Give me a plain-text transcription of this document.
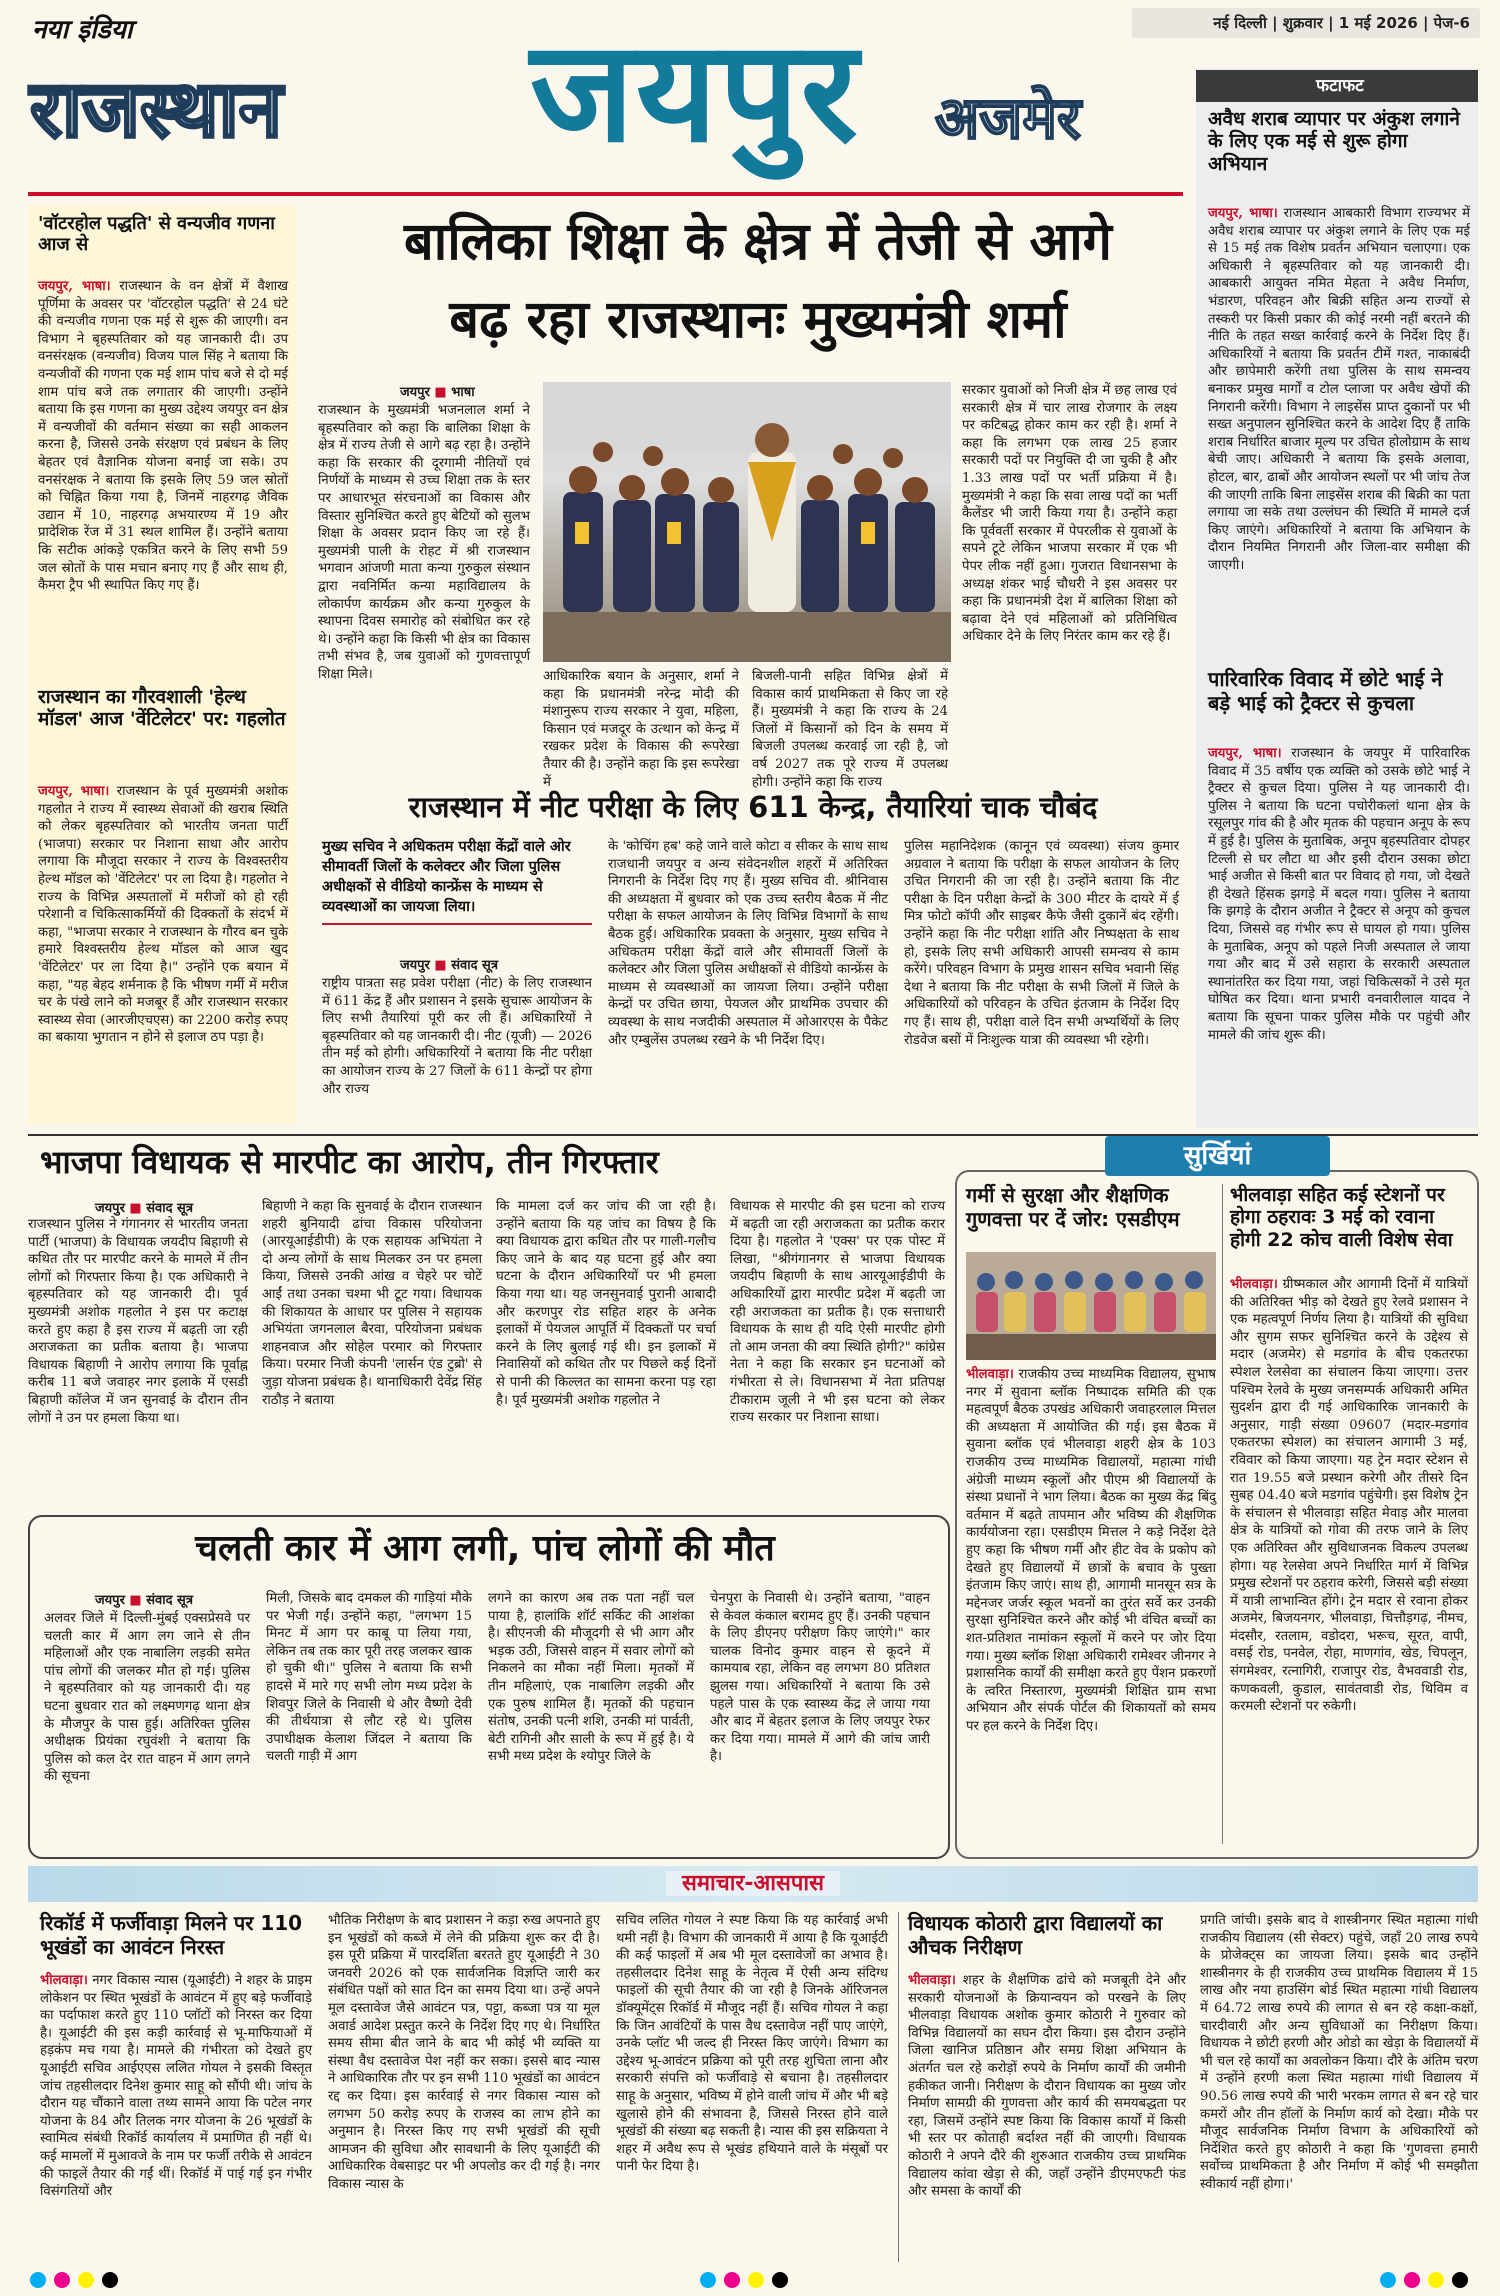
नया इंडिया	नई दिल्ली | शुक्रवार | 1 मई 2026 | पेज-6
राजस्थान जयपुर अजमेर	फटाफट
अवैध शराब व्यापार पर अंकुश लगाने के लिए एक मई से शुरू होगा अभियान
जयपुर, भाषा। राजस्थान आबकारी विभाग राज्यभर में अवैध शराब व्यापार पर अंकुश लगाने के लिए एक मई से 15 मई तक विशेष प्रवर्तन अभियान चलाएगा। एक अधिकारी ने बृहस्पतिवार को यह जानकारी दी। आबकारी आयुक्त नमित मेहता ने अवैध निर्माण, भंडारण, परिवहन और बिक्री सहित अन्य राज्यों से तस्करी पर किसी प्रकार की कोई नरमी नहीं बरतने की नीति के तहत सख्त कार्रवाई करने के निर्देश दिए हैं। अधिकारियों ने बताया कि प्रवर्तन टीमें गश्त, नाकाबंदी और छापेमारी करेंगी तथा पुलिस के साथ समन्वय बनाकर प्रमुख मार्गों व टोल प्लाजा पर अवैध खेपों की निगरानी करेंगी। विभाग ने लाइसेंस प्राप्त दुकानों पर भी सख्त अनुपालन सुनिश्चित करने के आदेश दिए हैं ताकि शराब निर्धारित बाजार मूल्य पर उचित होलोग्राम के साथ बेची जाए। अधिकारी ने बताया कि इसके अलावा, होटल, बार, ढाबों और आयोजन स्थलों पर भी जांच तेज की जाएगी ताकि बिना लाइसेंस शराब की बिक्री का पता लगाया जा सके तथा उल्लंघन की स्थिति में मामले दर्ज किए जाएंगे। अधिकारियों ने बताया कि अभियान के दौरान नियमित निगरानी और जिला-वार समीक्षा की जाएगी।
पारिवारिक विवाद में छोटे भाई ने बड़े भाई को ट्रैक्टर से कुचला
जयपुर, भाषा। राजस्थान के जयपुर में पारिवारिक विवाद में 35 वर्षीय एक व्यक्ति को उसके छोटे भाई ने ट्रैक्टर से कुचल दिया। पुलिस ने यह जानकारी दी। पुलिस ने बताया कि घटना पचोरीकलां थाना क्षेत्र के रसूलपुर गांव की है और मृतक की पहचान अनूप के रूप में हुई है। पुलिस के मुताबिक, अनूप बृहस्पतिवार दोपहर टिल्ली से घर लौटा था और इसी दौरान उसका छोटा भाई अजीत से किसी बात पर विवाद हो गया, जो देखते ही देखते हिंसक झगड़े में बदल गया। पुलिस ने बताया कि झगड़े के दौरान अजीत ने ट्रैक्टर से अनूप को कुचल दिया, जिससे वह गंभीर रूप से घायल हो गया। पुलिस के मुताबिक, अनूप को पहले निजी अस्पताल ले जाया गया और बाद में उसे सहारा के सरकारी अस्पताल स्थानांतरित कर दिया गया, जहां चिकित्सकों ने उसे मृत घोषित कर दिया। थाना प्रभारी वनवारीलाल यादव ने बताया कि सूचना पाकर पुलिस मौके पर पहुंची और मामले की जांच शुरू की।
'वॉटरहोल पद्धति' से वन्यजीव गणना आज से
जयपुर, भाषा। राजस्थान के वन क्षेत्रों में वैशाख पूर्णिमा के अवसर पर 'वॉटरहोल पद्धति' से 24 घंटे की वन्यजीव गणना एक मई से शुरू की जाएगी। वन विभाग ने बृहस्पतिवार को यह जानकारी दी। उप वनसंरक्षक (वन्यजीव) विजय पाल सिंह ने बताया कि वन्यजीवों की गणना एक मई शाम पांच बजे से दो मई शाम पांच बजे तक लगातार की जाएगी। उन्होंने बताया कि इस गणना का मुख्य उद्देश्य जयपुर वन क्षेत्र में वन्यजीवों की वर्तमान संख्या का सही आकलन करना है, जिससे उनके संरक्षण एवं प्रबंधन के लिए बेहतर एवं वैज्ञानिक योजना बनाई जा सके। उप वनसंरक्षक ने बताया कि इसके लिए 59 जल स्रोतों को चिह्नित किया गया है, जिनमें नाहरगढ़ जैविक उद्यान में 10, नाहरगढ़ अभयारण्य में 19 और प्रादेशिक रेंज में 31 स्थल शामिल हैं। उन्होंने बताया कि सटीक आंकड़े एकत्रित करने के लिए सभी 59 जल स्रोतों के पास मचान बनाए गए हैं और साथ ही, कैमरा ट्रैप भी स्थापित किए गए हैं।
राजस्थान का गौरवशाली 'हेल्थ मॉडल' आज 'वेंटिलेटर' पर: गहलोत
जयपुर, भाषा। राजस्थान के पूर्व मुख्यमंत्री अशोक गहलोत ने राज्य में स्वास्थ्य सेवाओं की खराब स्थिति को लेकर बृहस्पतिवार को भारतीय जनता पार्टी (भाजपा) सरकार पर निशाना साधा और आरोप लगाया कि मौजूदा सरकार ने राज्य के विश्वस्तरीय हेल्थ मॉडल को 'वेंटिलेटर' पर ला दिया है। गहलोत ने राज्य के विभिन्न अस्पतालों में मरीजों को हो रही परेशानी व चिकित्साकर्मियों की दिक्कतों के संदर्भ में कहा, "भाजपा सरकार ने राजस्थान के गौरव बन चुके हमारे विश्वस्तरीय हेल्थ मॉडल को आज खुद 'वेंटिलेटर' पर ला दिया है।" उन्होंने एक बयान में कहा, "यह बेहद शर्मनाक है कि भीषण गर्मी में मरीज चर के पंखे लाने को मजबूर हैं और राजस्थान सरकार स्वास्थ्य सेवा (आरजीएचएस) का 2200 करोड़ रुपए का बकाया भुगतान न होने से इलाज ठप पड़ा है।
बालिका शिक्षा के क्षेत्र में तेजी से आगे
बढ़ रहा राजस्थानः मुख्यमंत्री शर्मा
जयपुर ■ भाषा
राजस्थान के मुख्यमंत्री भजनलाल शर्मा ने बृहस्पतिवार को कहा कि बालिका शिक्षा के क्षेत्र में राज्य तेजी से आगे बढ़ रहा है। उन्होंने कहा कि सरकार की दूरगामी नीतियों एवं निर्णयों के माध्यम से उच्च शिक्षा तक के स्तर पर आधारभूत संरचनाओं का विकास और विस्तार सुनिश्चित करते हुए बेटियों को सुलभ शिक्षा के अवसर प्रदान किए जा रहे हैं। मुख्यमंत्री पाली के रोहट में श्री राजस्थान भगवान आंजणी माता कन्या गुरुकुल संस्थान द्वारा नवनिर्मित कन्या महाविद्यालय के लोकार्पण कार्यक्रम और कन्या गुरुकुल के स्थापना दिवस समारोह को संबोधित कर रहे थे। उन्होंने कहा कि किसी भी क्षेत्र का विकास तभी संभव है, जब युवाओं को गुणवत्तापूर्ण शिक्षा मिले।	आधिकारिक बयान के अनुसार, शर्मा ने कहा कि प्रधानमंत्री नरेन्द्र मोदी की मंशानुरूप राज्य सरकार ने युवा, महिला, किसान एवं मजदूर के उत्थान को केन्द्र में रखकर प्रदेश के विकास की रूपरेखा तैयार की है। उन्होंने कहा कि इस रूपरेखा में
बिजली-पानी सहित विभिन्न क्षेत्रों में विकास कार्य प्राथमिकता से किए जा रहे हैं। मुख्यमंत्री ने कहा कि राज्य के 24 जिलों में किसानों को दिन के समय में बिजली उपलब्ध करवाई जा रही है, जो वर्ष 2027 तक पूरे राज्य में उपलब्ध होगी। उन्होंने कहा कि राज्य
सरकार युवाओं को निजी क्षेत्र में छह लाख एवं सरकारी क्षेत्र में चार लाख रोजगार के लक्ष्य पर कटिबद्ध होकर काम कर रही है। शर्मा ने कहा कि लगभग एक लाख 25 हजार सरकारी पदों पर नियुक्ति दी जा चुकी है और 1.33 लाख पदों पर भर्ती प्रक्रिया में है। मुख्यमंत्री ने कहा कि सवा लाख पदों का भर्ती कैलेंडर भी जारी किया गया है। उन्होंने कहा कि पूर्ववर्ती सरकार में पेपरलीक से युवाओं के सपने टूटे लेकिन भाजपा सरकार में एक भी पेपर लीक नहीं हुआ। गुजरात विधानसभा के अध्यक्ष शंकर भाई चौधरी ने इस अवसर पर कहा कि प्रधानमंत्री देश में बालिका शिक्षा को बढ़ावा देने एवं महिलाओं को प्रतिनिधित्व अधिकार देने के लिए निरंतर काम कर रहे हैं।
राजस्थान में नीट परीक्षा के लिए 611 केन्द्र, तैयारियां चाक चौबंद
मुख्य सचिव ने अधिकतम परीक्षा केंद्रों वाले ओर सीमावर्ती जिलों के कलेक्टर और जिला पुलिस अधीक्षकों से वीडियो कान्फ्रेंस के माध्यम से व्यवस्थाओं का जायजा लिया।
जयपुर ■ संवाद सूत्र
राष्ट्रीय पात्रता सह प्रवेश परीक्षा (नीट) के लिए राजस्थान में 611 केंद्र हैं और प्रशासन ने इसके सुचारू आयोजन के लिए सभी तैयारियां पूरी कर ली हैं। अधिकारियों ने बृहस्पतिवार को यह जानकारी दी। नीट (यूजी) — 2026 तीन मई को होगी। अधिकारियों ने बताया कि नीट परीक्षा का आयोजन राज्य के 27 जिलों के 611 केन्द्रों पर होगा और राज्य
के 'कोचिंग हब' कहे जाने वाले कोटा व सीकर के साथ साथ राजधानी जयपुर व अन्य संवेदनशील शहरों में अतिरिक्त निगरानी के निर्देश दिए गए हैं। मुख्य सचिव वी. श्रीनिवास की अध्यक्षता में बुधवार को एक उच्च स्तरीय बैठक में नीट परीक्षा के सफल आयोजन के लिए विभिन्न विभागों के साथ बैठक हुई। अधिकारिक प्रवक्ता के अनुसार, मुख्य सचिव ने अधिकतम परीक्षा केंद्रों वाले और सीमावर्ती जिलों के कलेक्टर और जिला पुलिस अधीक्षकों से वीडियो कान्फ्रेंस के माध्यम से व्यवस्थाओं का जायजा लिया। उन्होंने परीक्षा केन्द्रों पर उचित छाया, पेयजल और प्राथमिक उपचार की व्यवस्था के साथ नजदीकी अस्पताल में ओआरएस के पैकेट और एम्बुलेंस उपलब्ध रखने के भी निर्देश दिए।
पुलिस महानिदेशक (कानून एवं व्यवस्था) संजय कुमार अग्रवाल ने बताया कि परीक्षा के सफल आयोजन के लिए उचित निगरानी की जा रही है। उन्होंने बताया कि नीट परीक्षा के दिन परीक्षा केन्द्रों के 300 मीटर के दायरे में ई मित्र फोटो कॉपी और साइबर कैफे जैसी दुकानें बंद रहेंगी। उन्होंने कहा कि नीट परीक्षा शांति और निष्पक्षता के साथ हो, इसके लिए सभी अधिकारी आपसी समन्वय से काम करेंगे। परिवहन विभाग के प्रमुख शासन सचिव भवानी सिंह देथा ने बताया कि नीट परीक्षा के सभी जिलों में जिले के अधिकारियों को परिवहन के उचित इंतजाम के निर्देश दिए गए हैं। साथ ही, परीक्षा वाले दिन सभी अभ्यर्थियों के लिए रोडवेज बसों में निःशुल्क यात्रा की व्यवस्था भी रहेगी।
भाजपा विधायक से मारपीट का आरोप, तीन गिरफ्तार
जयपुर ■ संवाद सूत्र
राजस्थान पुलिस ने गंगानगर से भारतीय जनता पार्टी (भाजपा) के विधायक जयदीप बिहाणी से कथित तौर पर मारपीट करने के मामले में तीन लोगों को गिरफ्तार किया है। एक अधिकारी ने बृहस्पतिवार को यह जानकारी दी। पूर्व मुख्यमंत्री अशोक गहलोत ने इस पर कटाक्ष करते हुए कहा है इस राज्य में बढ़ती जा रही अराजकता का प्रतीक बताया है। भाजपा विधायक बिहाणी ने आरोप लगाया कि पूर्वाह्न करीब 11 बजे जवाहर नगर इलाके में एसडी बिहाणी कॉलेज में जन सुनवाई के दौरान तीन लोगों ने उन पर हमला किया था।
बिहाणी ने कहा कि सुनवाई के दौरान राजस्थान शहरी बुनियादी ढांचा विकास परियोजना (आरयूआईडीपी) के एक सहायक अभियंता ने दो अन्य लोगों के साथ मिलकर उन पर हमला किया, जिससे उनकी आंख व चेहरे पर चोटें आईं तथा उनका चश्मा भी टूट गया। विधायक की शिकायत के आधार पर पुलिस ने सहायक अभियंता जगनलाल बैरवा, परियोजना प्रबंधक शाहनवाज और सोहेल परमार को गिरफ्तार किया। परमार निजी कंपनी 'लार्सन एंड टुब्रो' से जुड़ा योजना प्रबंधक है। थानाधिकारी देवेंद्र सिंह राठौड़ ने बताया
कि मामला दर्ज कर जांच की जा रही है। उन्होंने बताया कि यह जांच का विषय है कि क्या विधायक द्वारा कथित तौर पर गाली-गलौच किए जाने के बाद यह घटना हुई और क्या घटना के दौरान अधिकारियों पर भी हमला किया गया था। यह जनसुनवाई पुरानी आबादी और करणपुर रोड सहित शहर के अनेक इलाकों में पेयजल आपूर्ति में दिक्कतों पर चर्चा करने के लिए बुलाई गई थी। इन इलाकों में निवासियों को कथित तौर पर पिछले कई दिनों से पानी की किल्लत का सामना करना पड़ रहा है। पूर्व मुख्यमंत्री अशोक गहलोत ने
विधायक से मारपीट की इस घटना को राज्य में बढ़ती जा रही अराजकता का प्रतीक करार दिया है। गहलोत ने 'एक्स' पर एक पोस्ट में लिखा, "श्रीगंगानगर से भाजपा विधायक जयदीप बिहाणी के साथ आरयूआईडीपी के अधिकारियों द्वारा मारपीट प्रदेश में बढ़ती जा रही अराजकता का प्रतीक है। एक सत्ताधारी विधायक के साथ ही यदि ऐसी मारपीट होगी तो आम जनता की क्या स्थिति होगी?" कांग्रेस नेता ने कहा कि सरकार इन घटनाओं को गंभीरता से ले। विधानसभा में नेता प्रतिपक्ष टीकाराम जूली ने भी इस घटना को लेकर राज्य सरकार पर निशाना साधा।
सुर्खियां
गर्मी से सुरक्षा और शैक्षणिक गुणवत्ता पर दें जोर: एसडीएम
भीलवाड़ा। राजकीय उच्च माध्यमिक विद्यालय, सुभाष नगर में सुवाना ब्लॉक निष्पादक समिति की एक महत्वपूर्ण बैठक उपखंड अधिकारी जवाहरलाल मित्तल की अध्यक्षता में आयोजित की गई। इस बैठक में सुवाना ब्लॉक एवं भीलवाड़ा शहरी क्षेत्र के 103 राजकीय उच्च माध्यमिक विद्यालयों, महात्मा गांधी अंग्रेजी माध्यम स्कूलों और पीएम श्री विद्यालयों के संस्था प्रधानों ने भाग लिया। बैठक का मुख्य केंद्र बिंदु वर्तमान में बढ़ते तापमान और भविष्य की शैक्षणिक कार्ययोजना रहा। एसडीएम मित्तल ने कड़े निर्देश देते हुए कहा कि भीषण गर्मी और हीट वेव के प्रकोप को देखते हुए विद्यालयों में छात्रों के बचाव के पुख्ता इंतजाम किए जाएं। साथ ही, आगामी मानसून सत्र के मद्देनजर जर्जर स्कूल भवनों का तुरंत सर्वे कर उनकी सुरक्षा सुनिश्चित करने और कोई भी वंचित बच्चों का शत-प्रतिशत नामांकन स्कूलों में करने पर जोर दिया गया। मुख्य ब्लॉक शिक्षा अधिकारी रामेश्वर जीनगर ने प्रशासनिक कार्यों की समीक्षा करते हुए पेंशन प्रकरणों के त्वरित निस्तारण, मुख्यमंत्री शिक्षित ग्राम सभा अभियान और संपर्क पोर्टल की शिकायतों को समय पर हल करने के निर्देश दिए।
भीलवाड़ा सहित कई स्टेशनों पर होगा ठहरावः 3 मई को रवाना होगी 22 कोच वाली विशेष सेवा
भीलवाड़ा। ग्रीष्मकाल और आगामी दिनों में यात्रियों की अतिरिक्त भीड़ को देखते हुए रेलवे प्रशासन ने एक महत्वपूर्ण निर्णय लिया है। यात्रियों की सुविधा और सुगम सफर सुनिश्चित करने के उद्देश्य से मदार (अजमेर) से मडगांव के बीच एकतरफा स्पेशल रेलसेवा का संचालन किया जाएगा। उत्तर पश्चिम रेलवे के मुख्य जनसम्पर्क अधिकारी अमित सुदर्शन द्वारा दी गई आधिकारिक जानकारी के अनुसार, गाड़ी संख्या 09607 (मदार-मडगांव एकतरफा स्पेशल) का संचालन आगामी 3 मई, रविवार को किया जाएगा। यह ट्रेन मदार स्टेशन से रात 19.55 बजे प्रस्थान करेगी और तीसरे दिन सुबह 04.40 बजे मडगांव पहुंचेगी। इस विशेष ट्रेन के संचालन से भीलवाड़ा सहित मेवाड़ और मालवा क्षेत्र के यात्रियों को गोवा की तरफ जाने के लिए एक अतिरिक्त और सुविधाजनक विकल्प उपलब्ध होगा। यह रेलसेवा अपने निर्धारित मार्ग में विभिन्न प्रमुख स्टेशनों पर ठहराव करेगी, जिससे बड़ी संख्या में यात्री लाभान्वित होंगे। ट्रेन मदार से रवाना होकर अजमेर, बिजयनगर, भीलवाड़ा, चित्तौड़गढ़, नीमच, मंदसौर, रतलाम, वडोदरा, भरूच, सूरत, वापी, वसई रोड, पनवेल, रोहा, माणगांव, खेड, चिपलून, संगमेश्वर, रत्नागिरी, राजापुर रोड, वैभववाडी रोड, कणकवली, कुडाल, सावंतवाडी रोड, थिविम व करमली स्टेशनों पर रुकेगी।
चलती कार में आग लगी, पांच लोगों की मौत
जयपुर ■ संवाद सूत्र
अलवर जिले में दिल्ली-मुंबई एक्सप्रेसवे पर चलती कार में आग लग जाने से तीन महिलाओं और एक नाबालिग लड़की समेत पांच लोगों की जलकर मौत हो गई। पुलिस ने बृहस्पतिवार को यह जानकारी दी। यह घटना बुधवार रात को लक्ष्मणगढ़ थाना क्षेत्र के मौजपुर के पास हुई। अतिरिक्त पुलिस अधीक्षक प्रियंका रघुवंशी ने बताया कि पुलिस को कल देर रात वाहन में आग लगने की सूचना
मिली, जिसके बाद दमकल की गाड़ियां मौके पर भेजी गईं। उन्होंने कहा, "लगभग 15 मिनट में आग पर काबू पा लिया गया, लेकिन तब तक कार पूरी तरह जलकर खाक हो चुकी थी।" पुलिस ने बताया कि सभी हादसे में मारे गए सभी लोग मध्य प्रदेश के शिवपुर जिले के निवासी थे और वैष्णो देवी की तीर्थयात्रा से लौट रहे थे। पुलिस उपाधीक्षक केलाश जिंदल ने बताया कि चलती गाड़ी में आग
लगने का कारण अब तक पता नहीं चल पाया है, हालांकि शॉर्ट सर्किट की आशंका है। सीएनजी की मौजूदगी से भी आग और भड़क उठी, जिससे वाहन में सवार लोगों को निकलने का मौका नहीं मिला। मृतकों में तीन महिलाएं, एक नाबालिग लड़की और एक पुरुष शामिल हैं। मृतकों की पहचान संतोष, उनकी पत्नी शशि, उनकी मां पार्वती, बेटी रागिनी और साली के रूप में हुई है। ये सभी मध्य प्रदेश के श्योपुर जिले के
चेनपुरा के निवासी थे। उन्होंने बताया, "वाहन से केवल कंकाल बरामद हुए हैं। उनकी पहचान के लिए डीएनए परीक्षण किए जाएंगे।" कार चालक विनोद कुमार वाहन से कूदने में कामयाब रहा, लेकिन वह लगभग 80 प्रतिशत झुलस गया। अधिकारियों ने बताया कि उसे पहले पास के एक स्वास्थ्य केंद्र ले जाया गया और बाद में बेहतर इलाज के लिए जयपुर रेफर कर दिया गया। मामले में आगे की जांच जारी है।
समाचार-आसपास
रिकॉर्ड में फर्जीवाड़ा मिलने पर 110 भूखंडों का आवंटन निरस्त
भीलवाड़ा। नगर विकास न्यास (यूआईटी) ने शहर के प्राइम लोकेशन पर स्थित भूखंडों के आवंटन में हुए बड़े फर्जीवाड़े का पर्दाफाश करते हुए 110 प्लॉटों को निरस्त कर दिया है। यूआईटी की इस कड़ी कार्रवाई से भू-माफियाओं में हड़कंप मच गया है। मामले की गंभीरता को देखते हुए यूआईटी सचिव आईएएस ललित गोयल ने इसकी विस्तृत जांच तहसीलदार दिनेश कुमार साहू को सौंपी थी। जांच के दौरान यह चौंकाने वाला तथ्य सामने आया कि पटेल नगर योजना के 84 और तिलक नगर योजना के 26 भूखंडों के स्वामित्व संबंधी रिकॉर्ड कार्यालय में प्रमाणित ही नहीं थे। कई मामलों में मुआवजे के नाम पर फर्जी तरीके से आवंटन की फाइलें तैयार की गईं थीं। रिकॉर्ड में पाई गई इन गंभीर विसंगतियों और
भौतिक निरीक्षण के बाद प्रशासन ने कड़ा रुख अपनाते हुए इन भूखंडों को कब्जे में लेने की प्रक्रिया शुरू कर दी है। इस पूरी प्रक्रिया में पारदर्शिता बरतते हुए यूआईटी ने 30 जनवरी 2026 को एक सार्वजनिक विज्ञप्ति जारी कर संबंधित पक्षों को सात दिन का समय दिया था। उन्हें अपने मूल दस्तावेज जैसे आवंटन पत्र, पट्टा, कब्जा पत्र या मूल अवार्ड आदेश प्रस्तुत करने के निर्देश दिए गए थे। निर्धारित समय सीमा बीत जाने के बाद भी कोई भी व्यक्ति या संस्था वैध दस्तावेज पेश नहीं कर सका। इससे बाद न्यास ने आधिकारिक तौर पर इन सभी 110 भूखंडों का आवंटन रद्द कर दिया। इस कार्रवाई से नगर विकास न्यास को लगभग 50 करोड़ रुपए के राजस्व का लाभ होने का अनुमान है। निरस्त किए गए सभी भूखंडों की सूची आमजन की सुविधा और सावधानी के लिए यूआईटी की आधिकारिक वेबसाइट पर भी अपलोड कर दी गई है। नगर विकास न्यास के
सचिव ललित गोयल ने स्पष्ट किया कि यह कार्रवाई अभी थमी नहीं है। विभाग की जानकारी में आया है कि यूआईटी की कई फाइलों में अब भी मूल दस्तावेजों का अभाव है। तहसीलदार दिनेश साहू के नेतृत्व में ऐसी अन्य संदिग्ध फाइलों की सूची तैयार की जा रही है जिनके ऑरिजनल डॉक्यूमेंट्स रिकॉर्ड में मौजूद नहीं हैं। सचिव गोयल ने कहा कि जिन आवंटियों के पास वैध दस्तावेज नहीं पाए जाएंगे, उनके प्लॉट भी जल्द ही निरस्त किए जाएंगे। विभाग का उद्देश्य भू-आवंटन प्रक्रिया को पूरी तरह शुचिता लाना और सरकारी संपत्ति को फर्जीवाड़े से बचाना है। तहसीलदार साहू के अनुसार, भविष्य में होने वाली जांच में और भी बड़े खुलासे होने की संभावना है, जिससे निरस्त होने वाले भूखंडों की संख्या बढ़ सकती है। न्यास की इस सक्रियता ने शहर में अवैध रूप से भूखंड हथियाने वाले के मंसूबों पर पानी फेर दिया है।
विधायक कोठारी द्वारा विद्यालयों का औचक निरीक्षण
भीलवाड़ा। शहर के शैक्षणिक ढांचे को मजबूती देने और सरकारी योजनाओं के क्रियान्वयन को परखने के लिए भीलवाड़ा विधायक अशोक कुमार कोठारी ने गुरुवार को विभिन्न विद्यालयों का सघन दौरा किया। इस दौरान उन्होंने जिला खानिज प्रतिष्ठान और समग्र शिक्षा अभियान के अंतर्गत चल रहे करोड़ों रुपये के निर्माण कार्यों की जमीनी हकीकत जानी। निरीक्षण के दौरान विधायक का मुख्य जोर निर्माण सामग्री की गुणवत्ता और कार्य की समयबद्धता पर रहा, जिसमें उन्होंने स्पष्ट किया कि विकास कार्यों में किसी भी स्तर पर कोताही बर्दाश्त नहीं की जाएगी। विधायक कोठारी ने अपने दौरे की शुरुआत राजकीय उच्च प्राथमिक विद्यालय कांवा खेड़ा से की, जहाँ उन्होंने डीएमएफटी फंड और समसा के कार्यों की
प्रगति जांची। इसके बाद वे शास्त्रीनगर स्थित महात्मा गांधी राजकीय विद्यालय (सी सेक्टर) पहुंचे, जहाँ 20 लाख रुपये के प्रोजेक्ट्स का जायजा लिया। इसके बाद उन्होंने शास्त्रीनगर के ही राजकीय उच्च प्राथमिक विद्यालय में 15 लाख और नया हाउसिंग बोर्ड स्थित महात्मा गांधी विद्यालय में 64.72 लाख रुपये की लागत से बन रहे कक्षा-कक्षों, चारदीवारी और अन्य सुविधाओं का निरीक्षण किया। विधायक ने छोटी हरणी और ओडो का खेड़ा के विद्यालयों में भी चल रहे कार्यों का अवलोकन किया। दौरे के अंतिम चरण में उन्होंने हरणी कला स्थित महात्मा गांधी विद्यालय में 90.56 लाख रुपये की भारी भरकम लागत से बन रहे चार कमरों और तीन हॉलों के निर्माण कार्य को देखा। मौके पर मौजूद सार्वजनिक निर्माण विभाग के अधिकारियों को निर्देशित करते हुए कोठारी ने कहा कि 'गुणवत्ता हमारी सर्वोच्च प्राथमिकता है और निर्माण में कोई भी समझौता स्वीकार्य नहीं होगा।'
